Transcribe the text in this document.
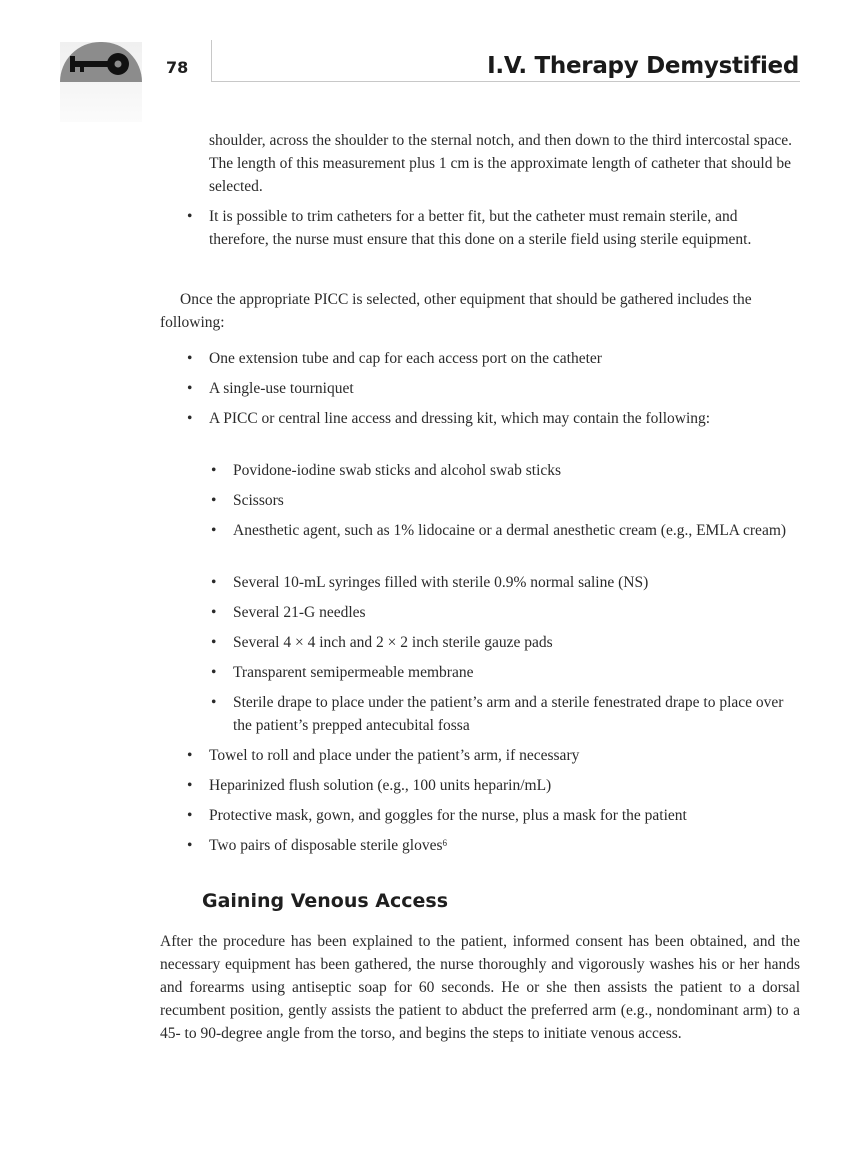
78	I.V. Therapy Demystified

shoulder, across the shoulder to the sternal notch, and then down to the third intercostal space. The length of this measurement plus 1 cm is the approximate length of catheter that should be selected.

• It is possible to trim catheters for a better fit, but the catheter must remain sterile, and therefore, the nurse must ensure that this done on a sterile field using sterile equipment.

Once the appropriate PICC is selected, other equipment that should be gathered includes the following:

• One extension tube and cap for each access port on the catheter

• A single-use tourniquet

• A PICC or central line access and dressing kit, which may contain the following:

• Povidone-iodine swab sticks and alcohol swab sticks

• Scissors

• Anesthetic agent, such as 1% lidocaine or a dermal anesthetic cream (e.g., EMLA cream)

• Several 10-mL syringes filled with sterile 0.9% normal saline (NS)

• Several 21-G needles

• Several 4 × 4 inch and 2 × 2 inch sterile gauze pads

• Transparent semipermeable membrane

• Sterile drape to place under the patient’s arm and a sterile fenestrated drape to place over the patient’s prepped antecubital fossa

• Towel to roll and place under the patient’s arm, if necessary

• Heparinized flush solution (e.g., 100 units heparin/mL)

• Protective mask, gown, and goggles for the nurse, plus a mask for the patient

• Two pairs of disposable sterile gloves$^6$

Gaining Venous Access

After the procedure has been explained to the patient, informed consent has been obtained, and the necessary equipment has been gathered, the nurse thoroughly and vigorously washes his or her hands and forearms using antiseptic soap for 60 seconds. He or she then assists the patient to a dorsal recumbent position, gently assists the patient to abduct the preferred arm (e.g., nondominant arm) to a 45- to 90-degree angle from the torso, and begins the steps to initiate venous access.
